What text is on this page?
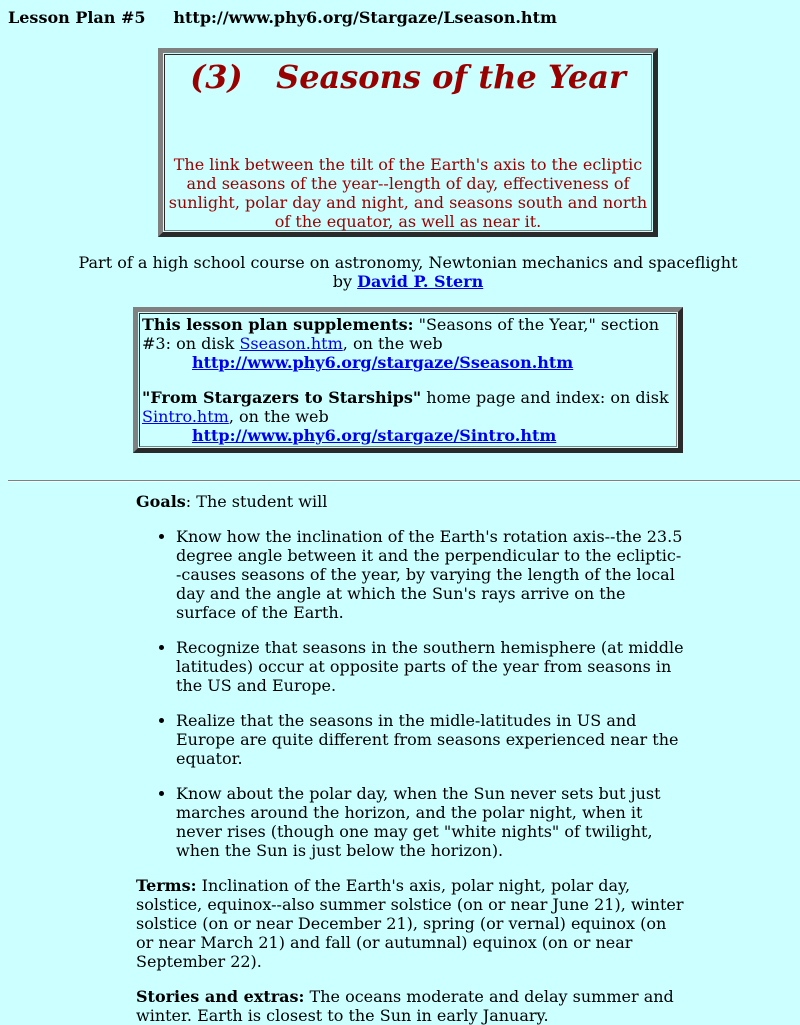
Lesson Plan #5 http://www.phy6.org/Stargaze/Lseason.htm
(3)   Seasons of the Year
The link between the tilt of the Earth's axis to the ecliptic and seasons of the year--length of day, effectiveness of sunlight, polar day and night, and seasons south and north of the equator, as well as near it.
Part of a high school course on astronomy, Newtonian mechanics and spaceflight
by David P. Stern

This lesson plan supplements: "Seasons of the Year," section #3: on disk Sseason.htm, on the web

http://www.phy6.org/stargaze/Sseason.htm

"From Stargazers to Starships" home page and index: on disk Sintro.htm, on the web

http://www.phy6.org/stargaze/Sintro.htm

Goals: The student will

• Know how the inclination of the Earth's rotation axis--the 23.5 degree angle between it and the perpendicular to the ecliptic--causes seasons of the year, by varying the length of the local day and the angle at which the Sun's rays arrive on the surface of the Earth.
• Recognize that seasons in the southern hemisphere (at middle latitudes) occur at opposite parts of the year from seasons in the US and Europe.
• Realize that the seasons in the midle-latitudes in US and Europe are quite different from seasons experienced near the equator.
• Know about the polar day, when the Sun never sets but just marches around the horizon, and the polar night, when it never rises (though one may get "white nights" of twilight, when the Sun is just below the horizon).

Terms: Inclination of the Earth's axis, polar night, polar day, solstice, equinox--also summer solstice (on or near June 21), winter solstice (on or near December 21), spring (or vernal) equinox (on or near March 21) and fall (or autumnal) equinox (on or near September 22).

Stories and extras: The oceans moderate and delay summer and winter. Earth is closest to the Sun in early January.
